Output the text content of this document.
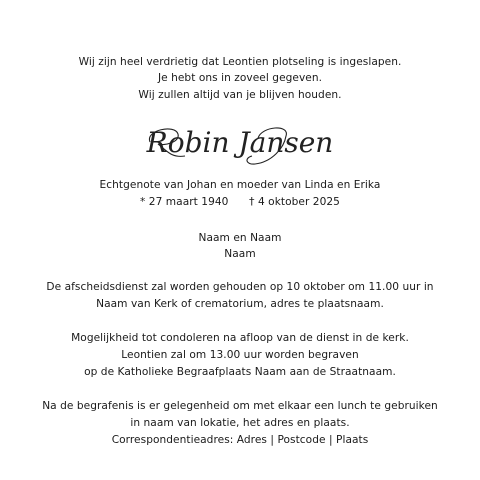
Wij zijn heel verdrietig dat Leontien plotseling is ingeslapen.
Je hebt ons in zoveel gegeven.
Wij zullen altijd van je blijven houden.
Robin Jansen
Echtgenote van Johan en moeder van Linda en Erika
* 27 maart 1940 † 4 oktober 2025
Naam en Naam
Naam
De afscheidsdienst zal worden gehouden op 10 oktober om 11.00 uur in
Naam van Kerk of crematorium, adres te plaatsnaam.
Mogelijkheid tot condoleren na afloop van de dienst in de kerk.
Leontien zal om 13.00 uur worden begraven
op de Katholieke Begraafplaats Naam aan de Straatnaam.
Na de begrafenis is er gelegenheid om met elkaar een lunch te gebruiken
in naam van lokatie, het adres en plaats.
Correspondentieadres: Adres | Postcode | Plaats
